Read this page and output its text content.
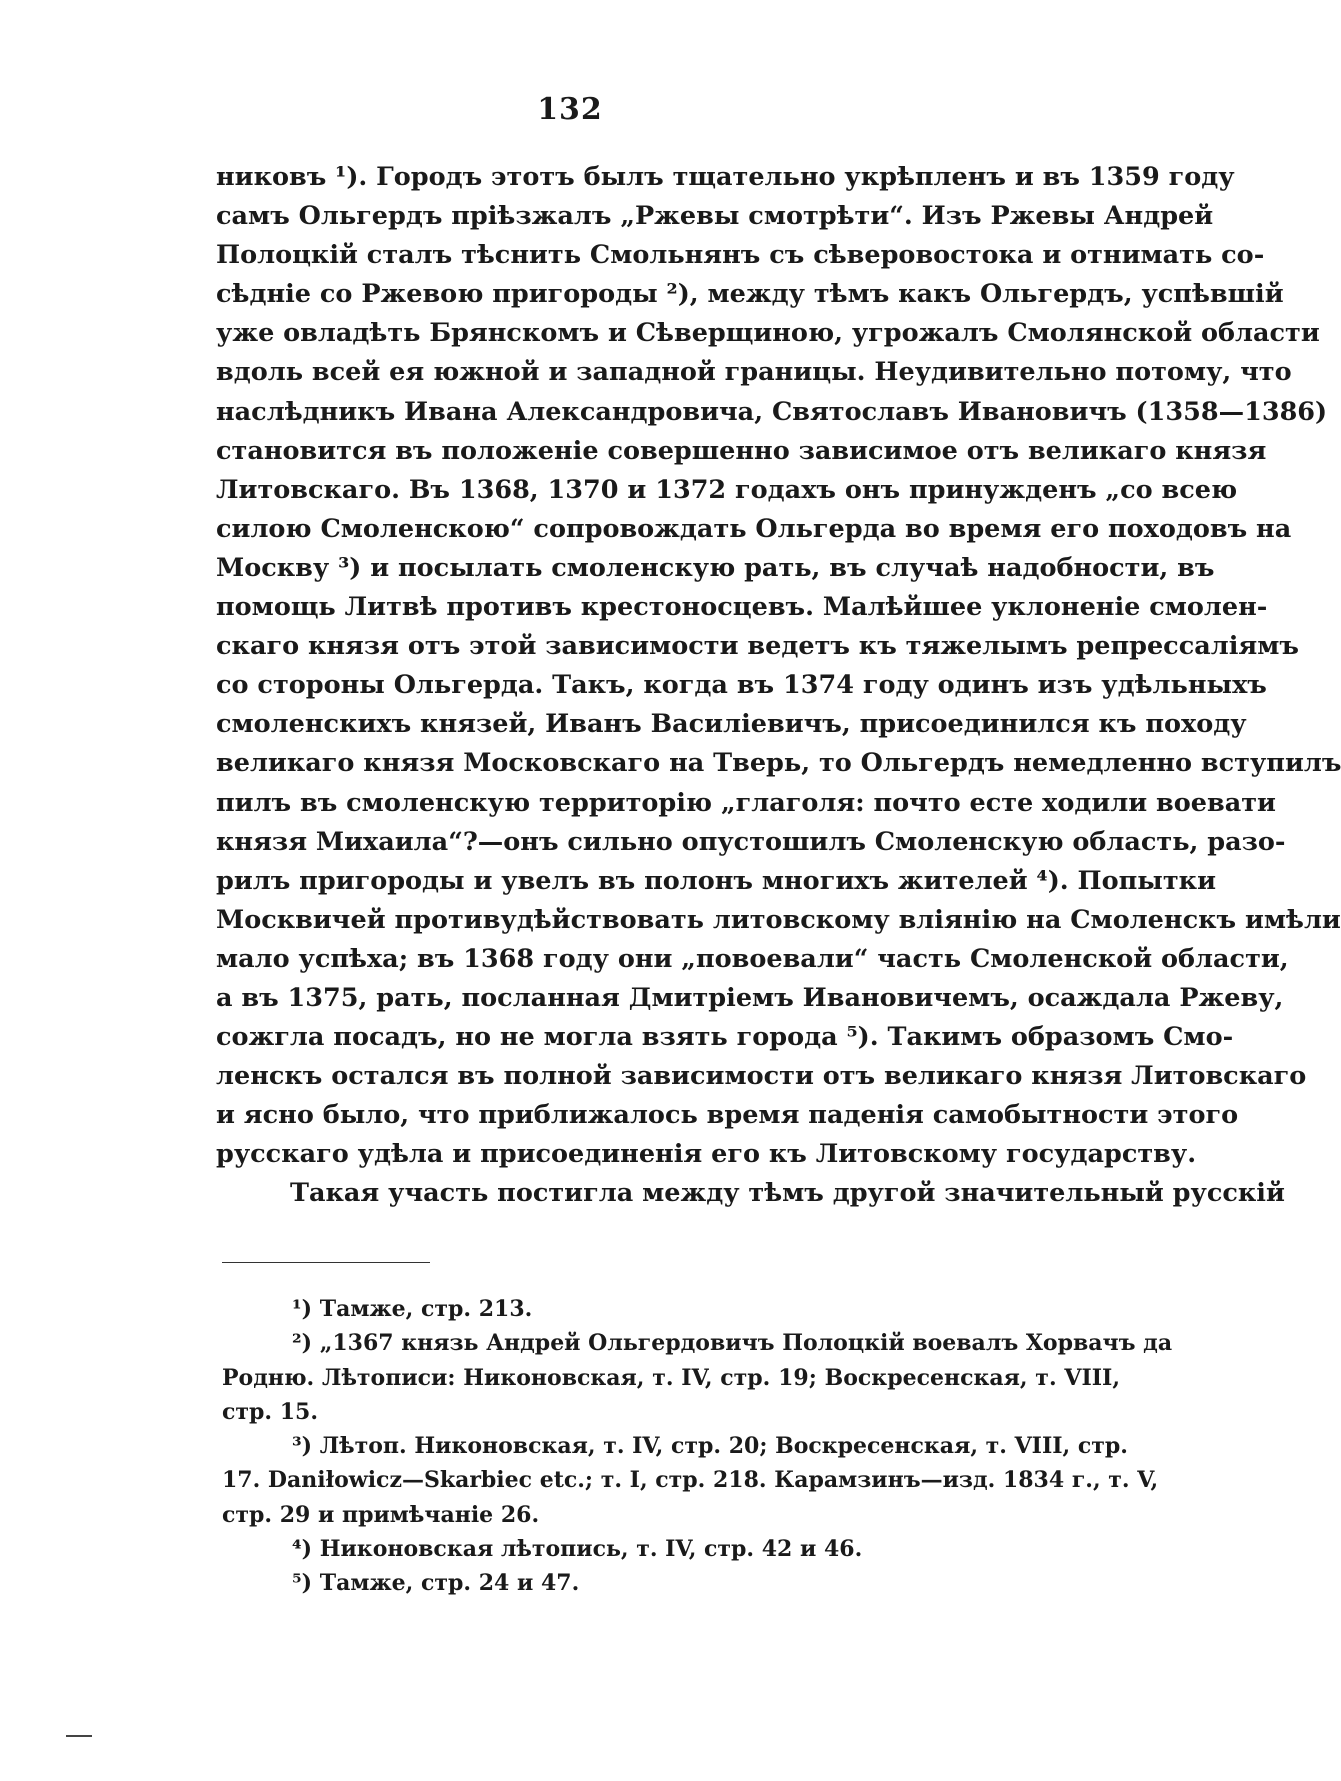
132
никовъ ¹). Городъ этотъ былъ тщательно укрѣпленъ и въ 1359 году
самъ Ольгердъ прiѣзжалъ „Ржевы смотрѣти“. Изъ Ржевы Андрей
Полоцкiй сталъ тѣснить Смольнянъ съ сѣверовостока и отнимать со-
сѣднiе со Ржевою пригороды ²), между тѣмъ какъ Ольгердъ, успѣвшiй
уже овладѣть Брянскомъ и Сѣверщиною, угрожалъ Смолянской области
вдоль всей ея южной и западной границы. Неудивительно потому, что
наслѣдникъ Ивана Александровича, Святославъ Ивановичъ (1358—1386)
становится въ положенiе совершенно зависимое отъ великаго князя
Литовскаго. Въ 1368, 1370 и 1372 годахъ онъ принужденъ „со всею
силою Смоленскою“ сопровождать Ольгерда во время его походовъ на
Москву ³) и посылать смоленскую рать, въ случаѣ надобности, въ
помощь Литвѣ противъ крестоносцевъ. Малѣйшее уклоненiе смолен-
скаго князя отъ этой зависимости ведетъ къ тяжелымъ репрессалiямъ
со стороны Ольгерда. Такъ, когда въ 1374 году одинъ изъ удѣльныхъ
смоленскихъ князей, Иванъ Василiевичъ, присоединился къ походу
великаго князя Московскаго на Тверь, то Ольгердъ немедленно вступилъ
пилъ въ смоленскую территорiю „глаголя: почто есте ходили воевати
князя Михаила“?—онъ сильно опустошилъ Смоленскую область, разо-
рилъ пригороды и увелъ въ полонъ многихъ жителей ⁴). Попытки
Москвичей противудѣйствовать литовскому влiянiю на Смоленскъ имѣли
мало успѣха; въ 1368 году они „повоевали“ часть Смоленской области,
а въ 1375, рать, посланная Дмитрiемъ Ивановичемъ, осаждала Ржеву,
сожгла посадъ, но не могла взять города ⁵). Такимъ образомъ Смо-
ленскъ остался въ полной зависимости отъ великаго князя Литовскаго
и ясно было, что приближалось время паденiя самобытности этого
русскаго удѣла и присоединенiя его къ Литовскому государству.
Такая участь постигла между тѣмъ другой значительный русскiй
¹) Тамже, стр. 213.
²) „1367 князь Андрей Ольгердовичъ Полоцкiй воевалъ Хорвачъ да
Родню. Лѣтописи: Никоновская, т. IV, стр. 19; Воскресенская, т. VIII,
стр. 15.
³) Лѣтоп. Никоновская, т. IV, стр. 20; Воскресенская, т. VIII, стр.
17. Daniłowicz—Skarbiec etc.; т. I, стр. 218. Карамзинъ—изд. 1834 г., т. V,
стр. 29 и примѣчанiе 26.
⁴) Никоновская лѣтопись, т. IV, стр. 42 и 46.
⁵) Тамже, стр. 24 и 47.
